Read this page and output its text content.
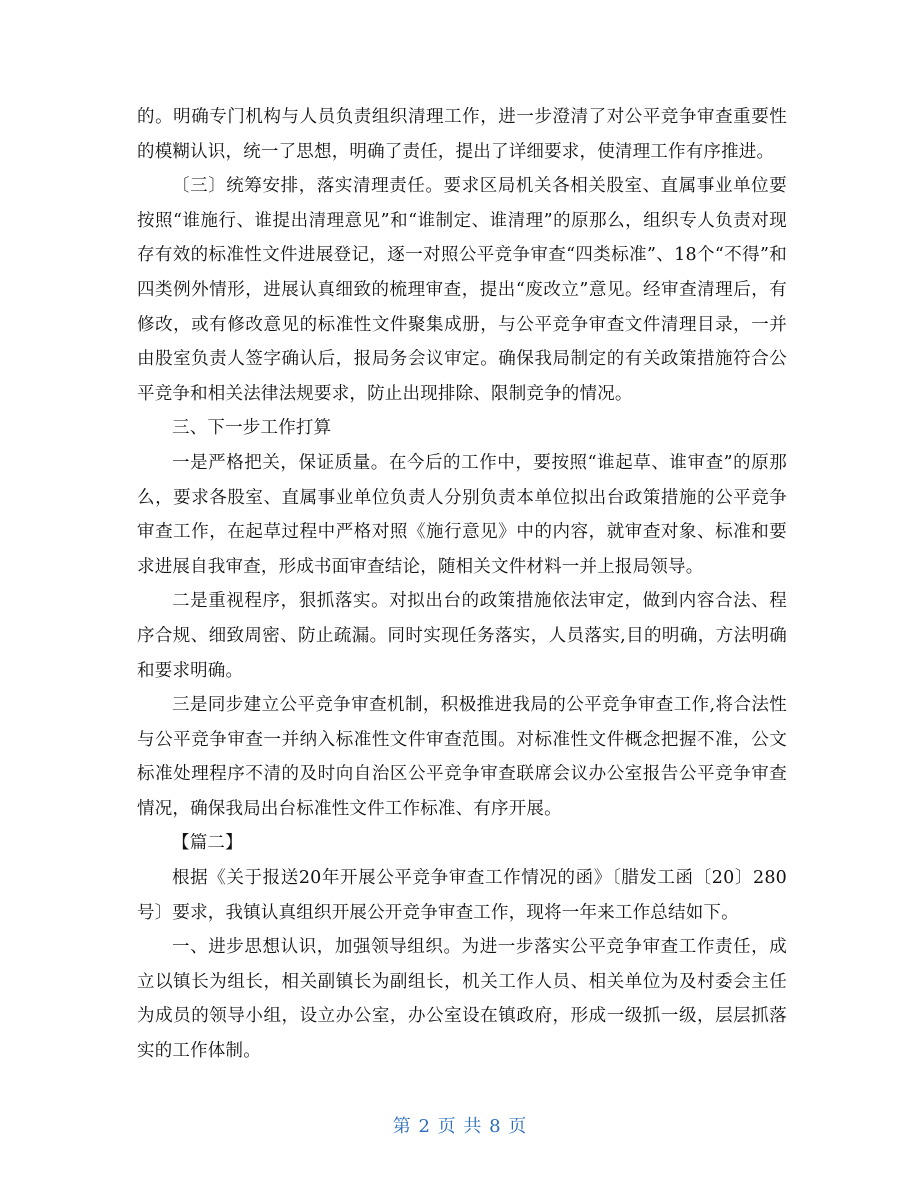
的。明确专门机构与人员负责组织清理工作，进一步澄清了对公平竞争审查重要性的模糊认识，统一了思想，明确了责任，提出了详细要求，使清理工作有序推进。

〔三〕统筹安排，落实清理责任。要求区局机关各相关股室、直属事业单位要按照“谁施行、谁提出清理意见”和“谁制定、谁清理”的原那么，组织专人负责对现存有效的标准性文件进展登记，逐一对照公平竞争审查“四类标准”、18个“不得”和四类例外情形，进展认真细致的梳理审查，提出“废改立”意见。经审查清理后，有修改，或有修改意见的标准性文件聚集成册，与公平竞争审查文件清理目录，一并由股室负责人签字确认后，报局务会议审定。确保我局制定的有关政策措施符合公平竞争和相关法律法规要求，防止出现排除、限制竞争的情况。

三、下一步工作打算

一是严格把关，保证质量。在今后的工作中，要按照“谁起草、谁审查”的原那么，要求各股室、直属事业单位负责人分别负责本单位拟出台政策措施的公平竞争审查工作，在起草过程中严格对照《施行意见》中的内容，就审查对象、标准和要求进展自我审查，形成书面审查结论，随相关文件材料一并上报局领导。

二是重视程序，狠抓落实。对拟出台的政策措施依法审定，做到内容合法、程序合规、细致周密、防止疏漏。同时实现任务落实，人员落实,目的明确，方法明确和要求明确。

三是同步建立公平竞争审查机制，积极推进我局的公平竞争审查工作,将合法性与公平竞争审查一并纳入标准性文件审查范围。对标准性文件概念把握不准，公文标准处理程序不清的及时向自治区公平竞争审查联席会议办公室报告公平竞争审查情况，确保我局出台标准性文件工作标准、有序开展。

【篇二】

根据《关于报送20年开展公平竞争审查工作情况的函》〔腊发工函〔20〕280号〕要求，我镇认真组织开展公开竞争审查工作，现将一年来工作总结如下。

一、进步思想认识，加强领导组织。为进一步落实公平竞争审查工作责任，成立以镇长为组长，相关副镇长为副组长，机关工作人员、相关单位为及村委会主任为成员的领导小组，设立办公室，办公室设在镇政府，形成一级抓一级，层层抓落实的工作体制。

第 2 页 共 8 页
